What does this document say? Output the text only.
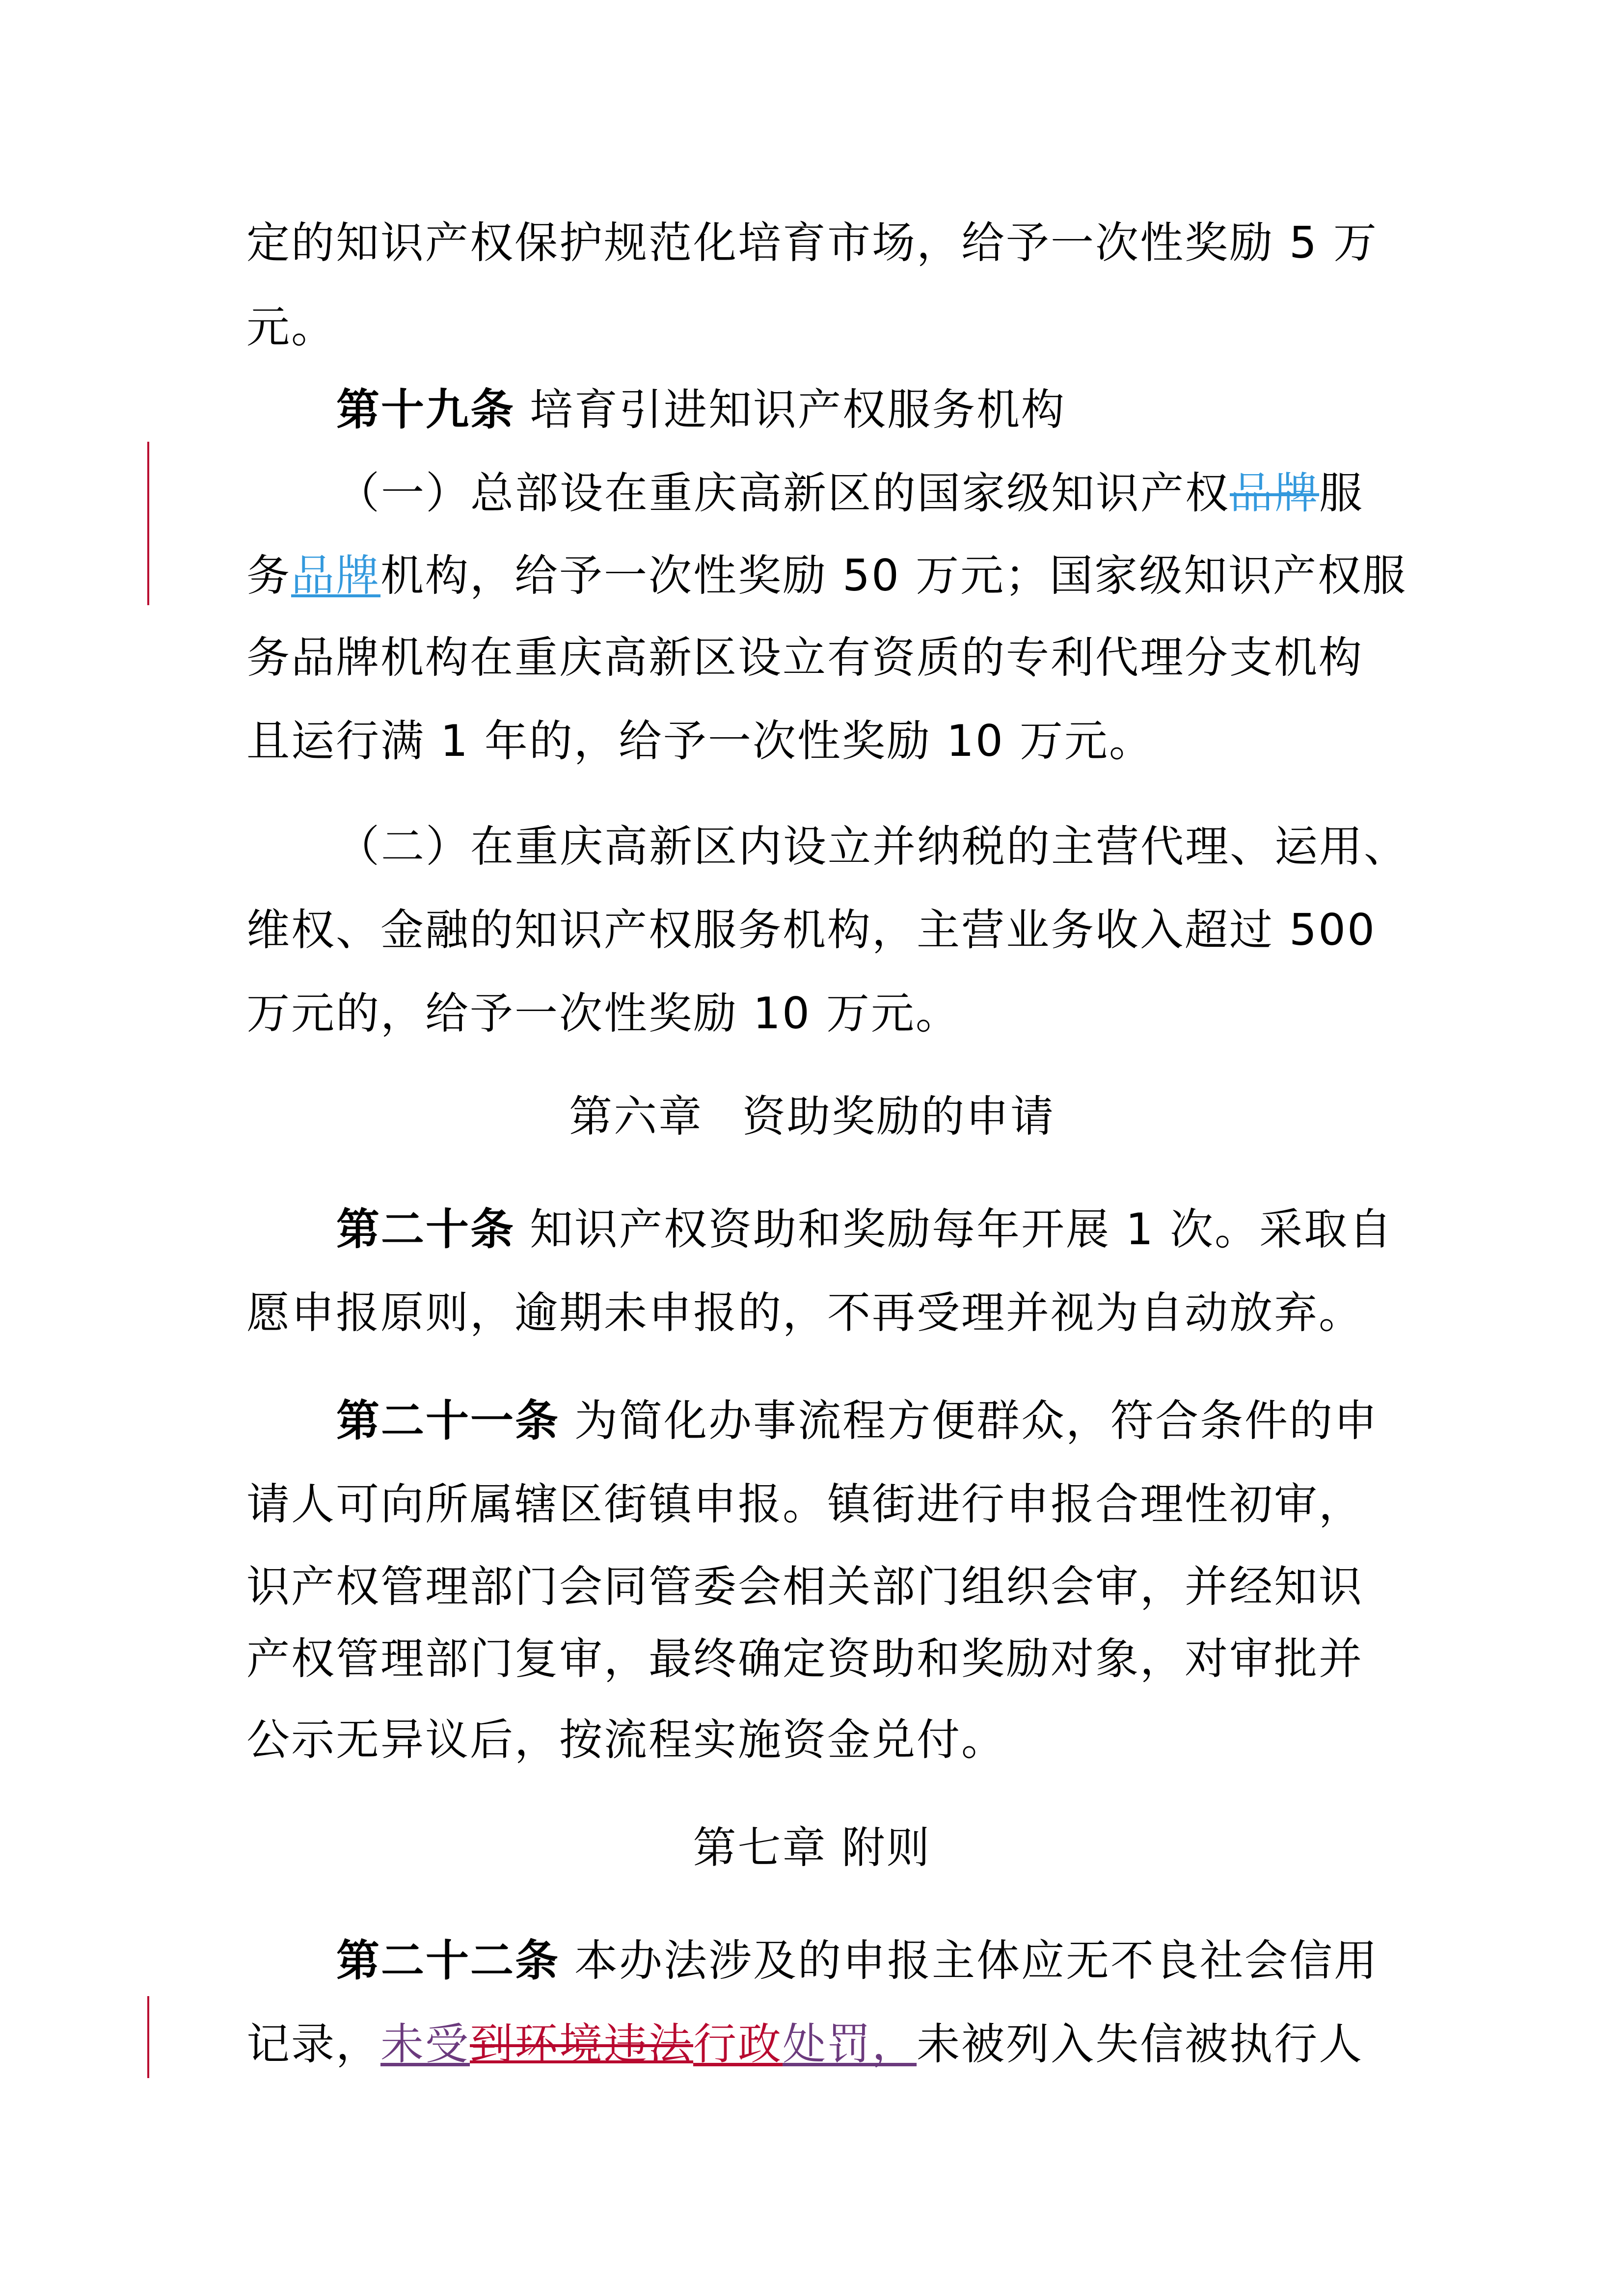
定的知识产权保护规范化培育市场，给予一次性奖励 5 万
元。
第十九条 培育引进知识产权服务机构
（一）总部设在重庆高新区的国家级知识产权品牌服
务品牌机构，给予一次性奖励 50 万元；国家级知识产权服
务品牌机构在重庆高新区设立有资质的专利代理分支机构
且运行满 1 年的，给予一次性奖励 10 万元。
（二）在重庆高新区内设立并纳税的主营代理、运用、
维权、金融的知识产权服务机构，主营业务收入超过 500
万元的，给予一次性奖励 10 万元。
第六章 资助奖励的申请
第二十条 知识产权资助和奖励每年开展 1 次。采取自
愿申报原则，逾期未申报的，不再受理并视为自动放弃。
第二十一条 为简化办事流程方便群众，符合条件的申
请人可向所属辖区街镇申报。镇街进行申报合理性初审，
识产权管理部门会同管委会相关部门组织会审，并经知识
产权管理部门复审，最终确定资助和奖励对象，对审批并
公示无异议后，按流程实施资金兑付。
第七章 附则
第二十二条 本办法涉及的申报主体应无不良社会信用
记录，未受到环境违法行政处罚，未被列入失信被执行人
